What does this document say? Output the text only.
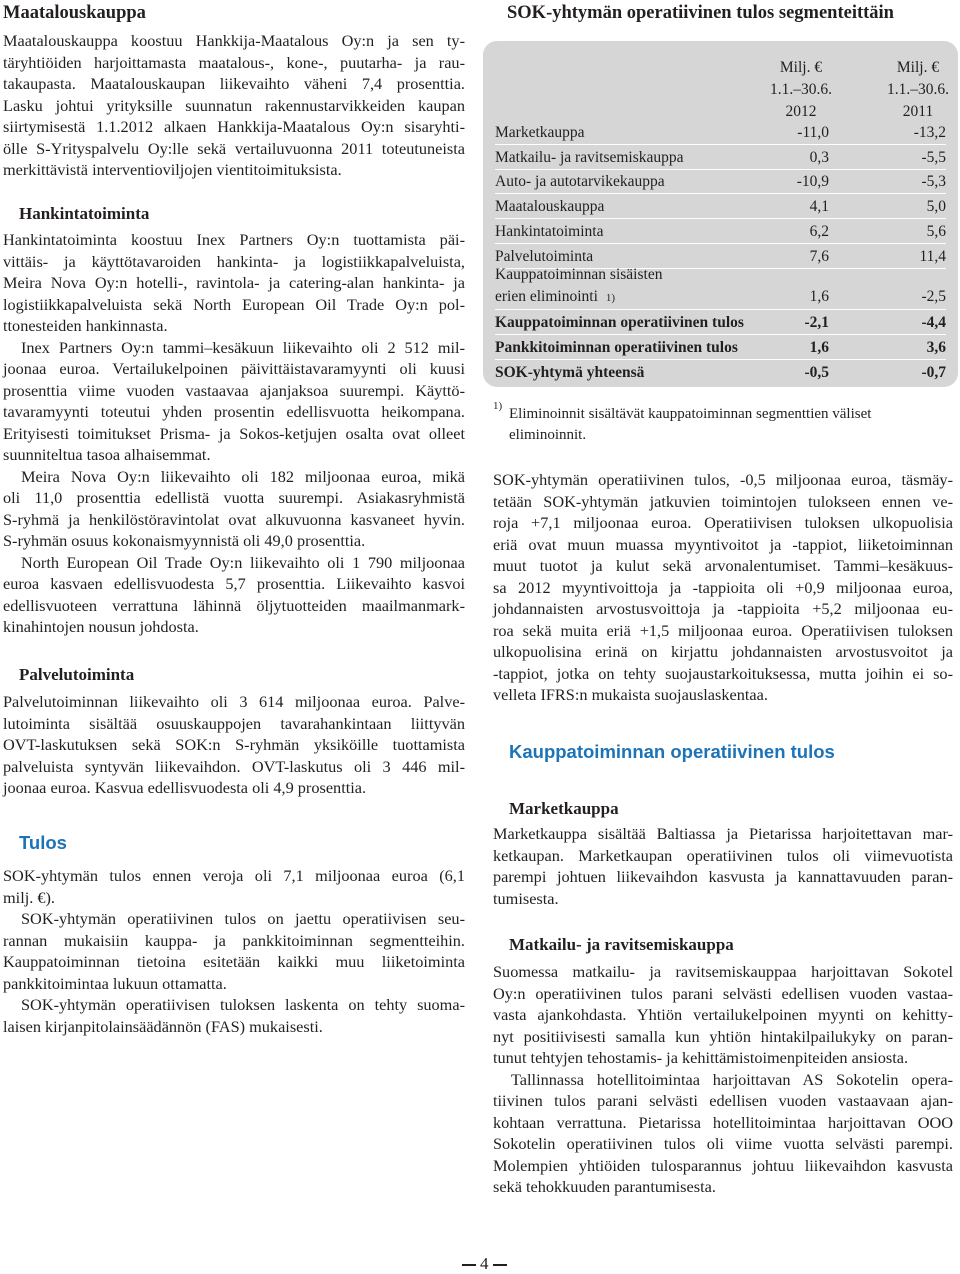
Maatalouskauppa
Maatalouskauppa koostuu Hankkija-Maatalous Oy:n ja sen ty-
täryhtiöiden harjoittamasta maatalous-, kone-, puutarha- ja rau-
takaupasta. Maatalouskaupan liikevaihto väheni 7,4 prosenttia.
Lasku johtui yrityksille suunnatun rakennustarvikkeiden kaupan
siirtymisestä 1.1.2012 alkaen Hankkija-Maatalous Oy:n sisaryhti-
ölle S-Yrityspalvelu Oy:lle sekä vertailuvuonna 2011 toteutuneista
merkittävistä interventioviljojen vientitoimituksista.
Hankintatoiminta
Hankintatoiminta koostuu Inex Partners Oy:n tuottamista päi-
vittäis- ja käyttötavaroiden hankinta- ja logistiikkapalveluista,
Meira Nova Oy:n hotelli-, ravintola- ja catering-alan hankinta- ja
logistiikkapalveluista sekä North European Oil Trade Oy:n pol-
ttonesteiden hankinnasta.
Inex Partners Oy:n tammi–kesäkuun liikevaihto oli 2 512 mil-
joonaa euroa. Vertailukelpoinen päivittäistavaramyynti oli kuusi
prosenttia viime vuoden vastaavaa ajanjaksoa suurempi. Käyttö-
tavaramyynti toteutui yhden prosentin edellisvuotta heikompana.
Erityisesti toimitukset Prisma- ja Sokos-ketjujen osalta ovat olleet
suunniteltua tasoa alhaisemmat.
Meira Nova Oy:n liikevaihto oli 182 miljoonaa euroa, mikä
oli 11,0 prosenttia edellistä vuotta suurempi. Asiakasryhmistä
S-ryhmä ja henkilöstöravintolat ovat alkuvuonna kasvaneet hyvin.
S-ryhmän osuus kokonaismyynnistä oli 49,0 prosenttia.
North European Oil Trade Oy:n liikevaihto oli 1 790 miljoonaa
euroa kasvaen edellisvuodesta 5,7 prosenttia. Liikevaihto kasvoi
edellisvuoteen verrattuna lähinnä öljytuotteiden maailmanmark-
kinahintojen nousun johdosta.
Palvelutoiminta
Palvelutoiminnan liikevaihto oli 3 614 miljoonaa euroa. Palve-
lutoiminta sisältää osuuskauppojen tavarahankintaan liittyvän
OVT-laskutuksen sekä SOK:n S-ryhmän yksiköille tuottamista
palveluista syntyvän liikevaihdon. OVT-laskutus oli 3 446 mil-
joonaa euroa. Kasvua edellisvuodesta oli 4,9 prosenttia.
Tulos
SOK-yhtymän tulos ennen veroja oli 7,1 miljoonaa euroa (6,1
milj. €).
SOK-yhtymän operatiivinen tulos on jaettu operatiivisen seu-
rannan mukaisiin kauppa- ja pankkitoiminnan segmentteihin.
Kauppatoiminnan tietoina esitetään kaikki muu liiketoiminta
pankkitoimintaa lukuun ottamatta.
SOK-yhtymän operatiivisen tuloksen laskenta on tehty suoma-
laisen kirjanpitolainsäädännön (FAS) mukaisesti.
SOK-yhtymän operatiivinen tulos segmenteittäin
Milj. €
1.1.–30.6.
2012
Milj. €
1.1.–30.6.
2011
Marketkauppa	-11,0	-13,2
Matkailu- ja ravitsemiskauppa	0,3	-5,5
Auto- ja autotarvikekauppa	-10,9	-5,3
Maatalouskauppa	4,1	5,0
Hankintatoiminta	6,2	5,6
Palvelutoiminta	7,6	11,4
Kauppatoiminnan sisäisten
erien eliminointi 1)	1,6	-2,5
Kauppatoiminnan operatiivinen tulos	-2,1	-4,4
Pankkitoiminnan operatiivinen tulos	1,6	3,6
SOK-yhtymä yhteensä	-0,5	-0,7
1) Eliminoinnit sisältävät kauppatoiminnan segmenttien väliset
eliminoinnit.
SOK-yhtymän operatiivinen tulos, -0,5 miljoonaa euroa, täsmäy-
tetään SOK-yhtymän jatkuvien toimintojen tulokseen ennen ve-
roja +7,1 miljoonaa euroa. Operatiivisen tuloksen ulkopuolisia
eriä ovat muun muassa myyntivoitot ja -tappiot, liiketoiminnan
muut tuotot ja kulut sekä arvonalentumiset. Tammi–kesäkuus-
sa 2012 myyntivoittoja ja -tappioita oli +0,9 miljoonaa euroa,
johdannaisten arvostusvoittoja ja -tappioita +5,2 miljoonaa eu-
roa sekä muita eriä +1,5 miljoonaa euroa. Operatiivisen tuloksen
ulkopuolisina erinä on kirjattu johdannaisten arvostusvoitot ja
-tappiot, jotka on tehty suojaustarkoituksessa, mutta joihin ei so-
velleta IFRS:n mukaista suojauslaskentaa.
Kauppatoiminnan operatiivinen tulos
Marketkauppa
Marketkauppa sisältää Baltiassa ja Pietarissa harjoitettavan mar-
ketkaupan. Marketkaupan operatiivinen tulos oli viimevuotista
parempi johtuen liikevaihdon kasvusta ja kannattavuuden paran-
tumisesta.
Matkailu- ja ravitsemiskauppa
Suomessa matkailu- ja ravitsemiskauppaa harjoittavan Sokotel
Oy:n operatiivinen tulos parani selvästi edellisen vuoden vastaa-
vasta ajankohdasta. Yhtiön vertailukelpoinen myynti on kehitty-
nyt positiivisesti samalla kun yhtiön hintakilpailukyky on paran-
tunut tehtyjen tehostamis- ja kehittämistoimenpiteiden ansiosta.
Tallinnassa hotellitoimintaa harjoittavan AS Sokotelin opera-
tiivinen tulos parani selvästi edellisen vuoden vastaavaan ajan-
kohtaan verrattuna. Pietarissa hotellitoimintaa harjoittavan OOO
Sokotelin operatiivinen tulos oli viime vuotta selvästi parempi.
Molempien yhtiöiden tulosparannus johtuu liikevaihdon kasvusta
sekä tehokkuuden parantumisesta.
4
